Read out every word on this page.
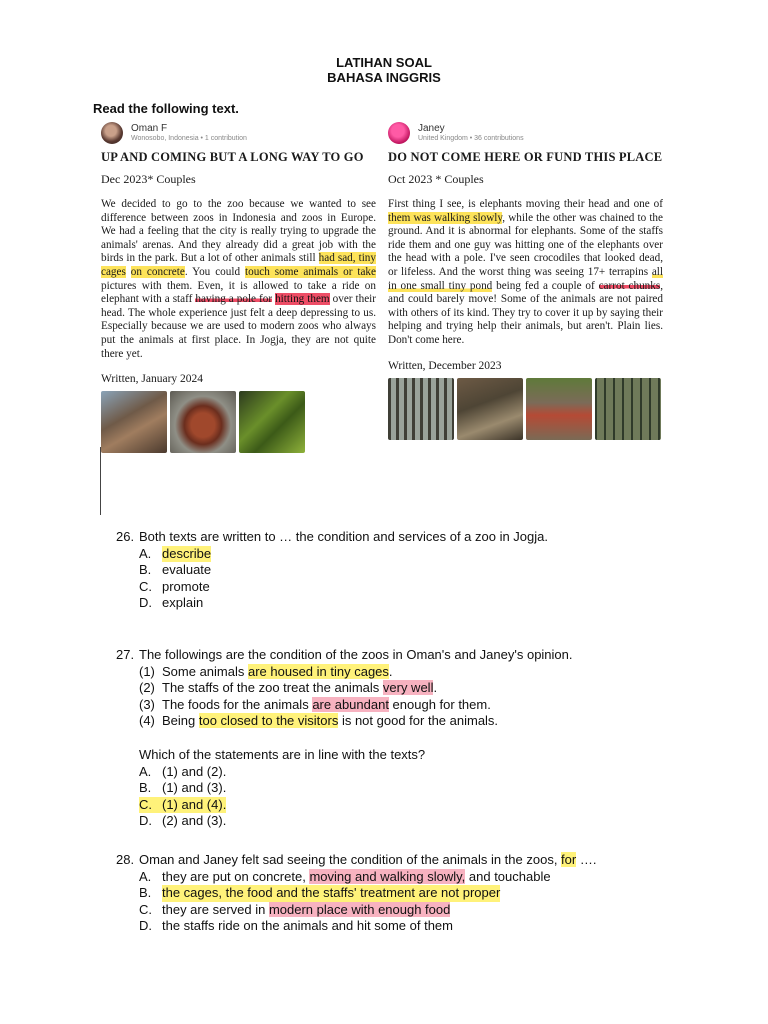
LATIHAN SOAL
BAHASA INGGRIS
Read the following text.
Oman F
Wonosobo, Indonesia • 1 contribution
UP AND COMING BUT A LONG WAY TO GO
Dec 2023* Couples
We decided to go to the zoo because we wanted to see difference between zoos in Indonesia and zoos in Europe. We had a feeling that the city is really trying to upgrade the animals' arenas. And they already did a great job with the birds in the park. But a lot of other animals still had sad, tiny cages on concrete. You could touch some animals or take pictures with them. Even, it is allowed to take a ride on elephant with a staff having a pole for hitting them over their head. The whole experience just felt a deep depressing to us. Especially because we are used to modern zoos who always put the animals at first place. In Jogja, they are not quite there yet.
Written, January 2024
Janey
United Kingdom • 36 contributions
DO NOT COME HERE OR FUND THIS PLACE
Oct 2023 * Couples
First thing I see, is elephants moving their head and one of them was walking slowly, while the other was chained to the ground. And it is abnormal for elephants. Some of the staffs ride them and one guy was hitting one of the elephants over the head with a pole. I've seen crocodiles that looked dead, or lifeless. And the worst thing was seeing 17+ terrapins all in one small tiny pond being fed a couple of carrot chunks, and could barely move! Some of the animals are not paired with others of its kind. They try to cover it up by saying their helping and trying help their animals, but aren't. Plain lies. Don't come here.
Written, December 2023
26. Both texts are written to … the condition and services of a zoo in Jogja.
A. describe
B. evaluate
C. promote
D. explain
27. The followings are the condition of the zoos in Oman's and Janey's opinion.
(1) Some animals are housed in tiny cages.
(2) The staffs of the zoo treat the animals very well.
(3) The foods for the animals are abundant enough for them.
(4) Being too closed to the visitors is not good for the animals.
Which of the statements are in line with the texts?
A. (1) and (2).
B. (1) and (3).
C. (1) and (4).
D. (2) and (3).
28. Oman and Janey felt sad seeing the condition of the animals in the zoos, for ….
A. they are put on concrete, moving and walking slowly, and touchable
B. the cages, the food and the staffs' treatment are not proper
C. they are served in modern place with enough food
D. the staffs ride on the animals and hit some of them
